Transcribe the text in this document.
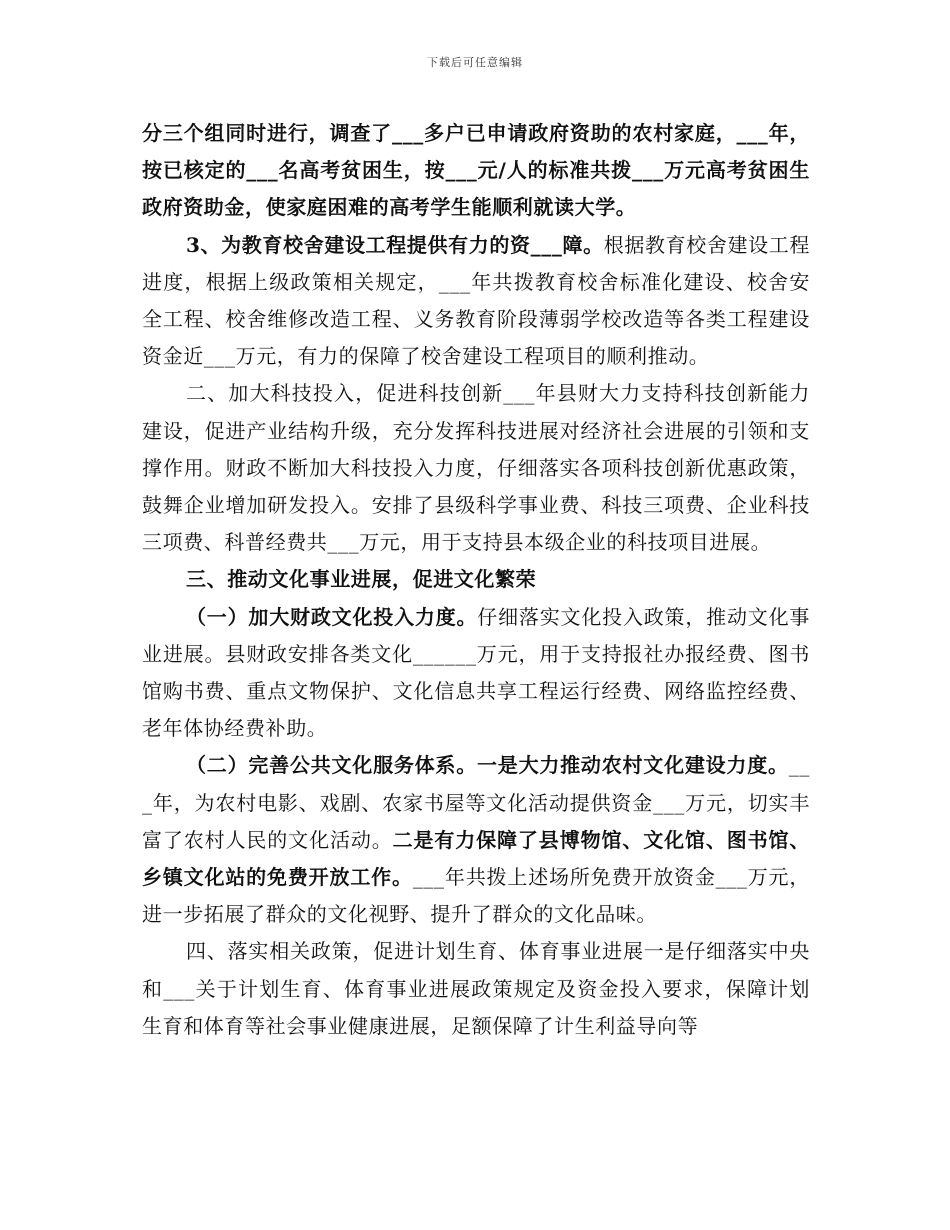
下载后可任意编辑

分三个组同时进行，调查了___多户已申请政府资助的农村家庭，___年，按已核定的___名高考贫困生，按___元/人的标准共拨___万元高考贫困生政府资助金，使家庭困难的高考学生能顺利就读大学。

3、为教育校舍建设工程提供有力的资___障。根据教育校舍建设工程进度，根据上级政策相关规定，___年共拨教育校舍标准化建设、校舍安全工程、校舍维修改造工程、义务教育阶段薄弱学校改造等各类工程建设资金近___万元，有力的保障了校舍建设工程项目的顺利推动。

二、加大科技投入，促进科技创新___年县财大力支持科技创新能力建设，促进产业结构升级，充分发挥科技进展对经济社会进展的引领和支撑作用。财政不断加大科技投入力度，仔细落实各项科技创新优惠政策，鼓舞企业增加研发投入。安排了县级科学事业费、科技三项费、企业科技三项费、科普经费共___万元，用于支持县本级企业的科技项目进展。

三、推动文化事业进展，促进文化繁荣

（一）加大财政文化投入力度。仔细落实文化投入政策，推动文化事业进展。县财政安排各类文化______万元，用于支持报社办报经费、图书馆购书费、重点文物保护、文化信息共享工程运行经费、网络监控经费、老年体协经费补助。

（二）完善公共文化服务体系。一是大力推动农村文化建设力度。___年，为农村电影、戏剧、农家书屋等文化活动提供资金___万元，切实丰富了农村人民的文化活动。二是有力保障了县博物馆、文化馆、图书馆、乡镇文化站的免费开放工作。___年共拨上述场所免费开放资金___万元，进一步拓展了群众的文化视野、提升了群众的文化品味。

四、落实相关政策，促进计划生育、体育事业进展一是仔细落实中央和___关于计划生育、体育事业进展政策规定及资金投入要求，保障计划生育和体育等社会事业健康进展，足额保障了计生利益导向等
